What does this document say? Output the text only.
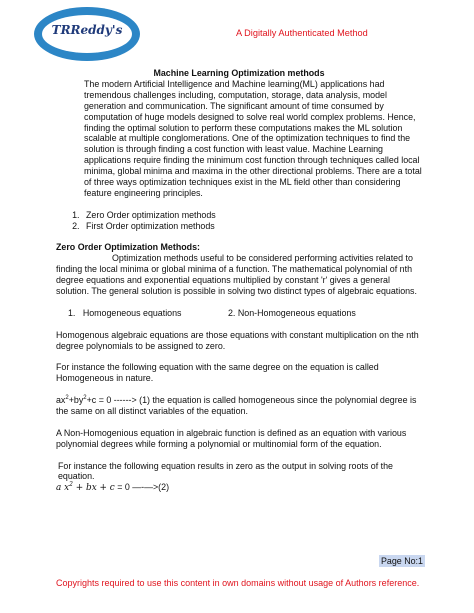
TRReddy's	A Digitally Authenticated Method

Machine Learning Optimization methods

The modern Artificial Intelligence and Machine learning(ML) applications had tremendous challenges including, computation, storage, data analysis, model generation and communication. The significant amount of time consumed by computation of huge models designed to solve real world complex problems. Hence, finding the optimal solution to perform these computations makes the ML solution scalable at multiple conglomerations. One of the optimization techniques to find the solution is through finding a cost function with least value. Machine Learning applications require finding the minimum cost function through techniques called local minima, global minima and maxima in the other directional problems. There are a total of three ways optimization techniques exist in the ML field other than considering feature engineering principles.

1. Zero Order optimization methods
2. First Order optimization methods

Zero Order Optimization Methods:

Optimization methods useful to be considered performing activities related to finding the local minima or global minima of a function. The mathematical polynomial of nth degree equations and exponential equations multiplied by constant 'r' gives a general solution. The general solution is possible in solving two distinct types of algebraic equations.

1. Homogeneous equations	2. Non-Homogeneous equations

Homogenous algebraic equations are those equations with constant multiplication on the nth degree polynomials to be assigned to zero.

For instance the following equation with the same degree on the equation is called Homogeneous in nature.

$ax^2+by^2+c = 0$ ------> (1) the equation is called homogeneous since the polynomial degree is the same on all distinct variables of the equation.

A Non-Homogenious equation in algebraic function is defined as an equation with various polynomial degrees while forming a polynomial or multinomial form of the equation.

For instance the following equation results in zero as the output in solving roots of the equation.

a $x^2$ + bx + c = 0 —-—>(2)

Page No:1
Copyrights required to use this content in own domains without usage of Authors reference.
